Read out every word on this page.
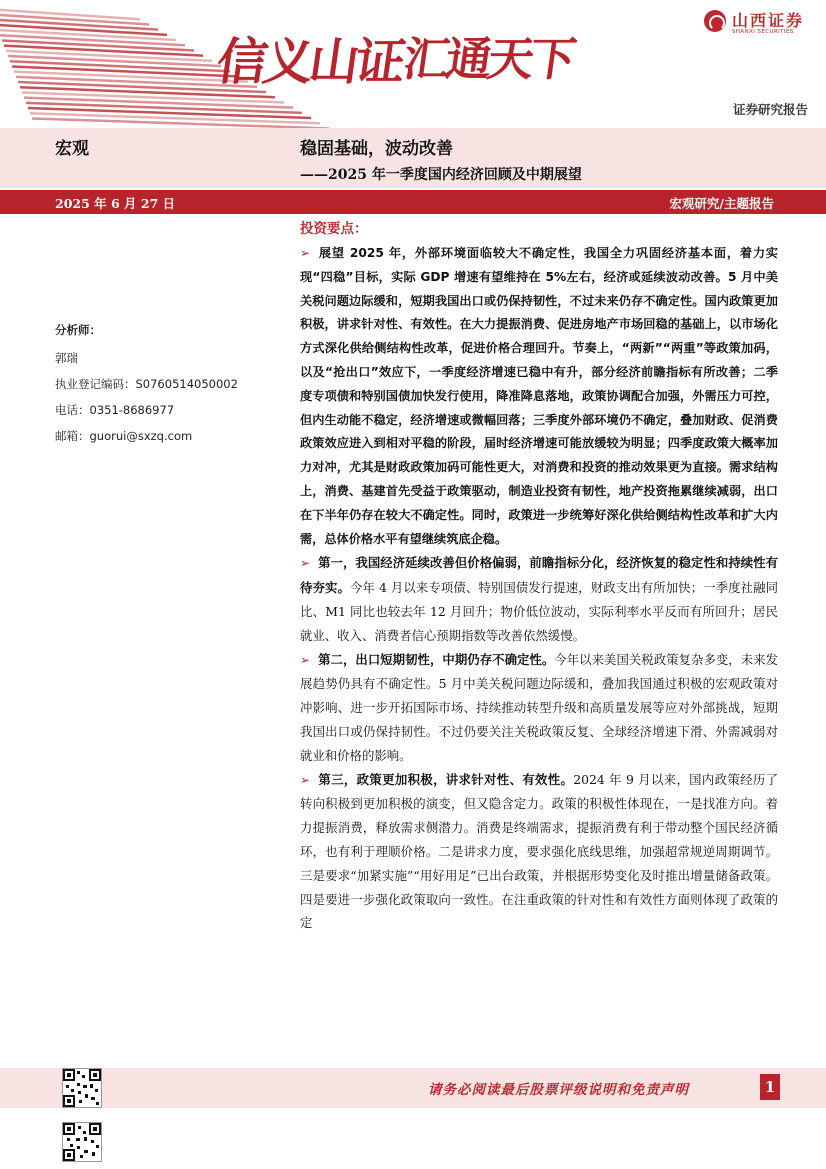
信义山证汇通天下
山西证券
SHANXI SECURITIES
证券研究报告
宏观	稳固基础，波动改善
——2025 年一季度国内经济回顾及中期展望
2025 年 6 月 27 日	宏观研究/主题报告
分析师：
郭瑞
执业登记编码：S0760514050002
电话：0351-8686977
邮箱：guorui@sxzq.com
投资要点：

➢ 展望 2025 年，外部环境面临较大不确定性，我国全力巩固经济基本面，着力实现“四稳”目标，实际 GDP 增速有望维持在 5%左右，经济或延续波动改善。5 月中美关税问题边际缓和，短期我国出口或仍保持韧性，不过未来仍存不确定性。国内政策更加积极，讲求针对性、有效性。在大力提振消费、促进房地产市场回稳的基础上，以市场化方式深化供给侧结构性改革，促进价格合理回升。节奏上，“两新”“两重”等政策加码，以及“抢出口”效应下，一季度经济增速已稳中有升，部分经济前瞻指标有所改善；二季度专项债和特别国债加快发行使用，降准降息落地，政策协调配合加强，外需压力可控，但内生动能不稳定，经济增速或微幅回落；三季度外部环境仍不确定，叠加财政、促消费政策效应进入到相对平稳的阶段，届时经济增速可能放缓较为明显；四季度政策大概率加力对冲，尤其是财政政策加码可能性更大，对消费和投资的推动效果更为直接。需求结构上，消费、基建首先受益于政策驱动，制造业投资有韧性，地产投资拖累继续减弱，出口在下半年仍存在较大不确定性。同时，政策进一步统筹好深化供给侧结构性改革和扩大内需，总体价格水平有望继续筑底企稳。

➢ 第一，我国经济延续改善但价格偏弱，前瞻指标分化，经济恢复的稳定性和持续性有待夯实。今年 4 月以来专项债、特别国债发行提速，财政支出有所加快；一季度社融同比、M1 同比也较去年 12 月回升；物价低位波动，实际利率水平反而有所回升；居民就业、收入、消费者信心预期指数等改善依然缓慢。

➢ 第二，出口短期韧性，中期仍存不确定性。今年以来美国关税政策复杂多变，未来发展趋势仍具有不确定性。5 月中美关税问题边际缓和，叠加我国通过积极的宏观政策对冲影响、进一步开拓国际市场、持续推动转型升级和高质量发展等应对外部挑战，短期我国出口或仍保持韧性。不过仍要关注关税政策反复、全球经济增速下滑、外需减弱对就业和价格的影响。

➢ 第三，政策更加积极，讲求针对性、有效性。2024 年 9 月以来，国内政策经历了转向积极到更加积极的演变，但又隐含定力。政策的积极性体现在，一是找准方向。着力提振消费，释放需求侧潜力。消费是终端需求，提振消费有利于带动整个国民经济循环，也有利于理顺价格。二是讲求力度，要求强化底线思维，加强超常规逆周期调节。三是要求“加紧实施”“用好用足”已出台政策，并根据形势变化及时推出增量储备政策。四是要进一步强化政策取向一致性。在注重政策的针对性和有效性方面则体现了政策的定

请务必阅读最后股票评级说明和免责声明	1
